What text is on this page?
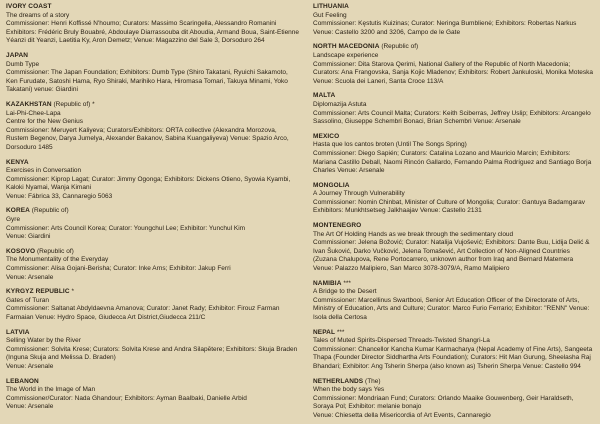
IVORY COAST
The dreams of a story
Commissioner: Henri Koffissé N'houmo; Curators: Massimo Scaringella, Alessandro Romanini Exhibitors: Frédéric Bruly Bouabré, Abdoulaye Diarrassouba dit Aboudia, Armand Boua, Saint-Etienne Yéanzi dit Yeanzi, Laetitia Ky, Aron Demetz; Venue: Magazzino del Sale 3, Dorsoduro 264
JAPAN
Dumb Type
Commissioner: The Japan Foundation; Exhibitors: Dumb Type (Shiro Takatani, Ryuichi Sakamoto, Ken Furudate, Satoshi Hama, Ryo Shiraki, Marihiko Hara, Hiromasa Tomari, Takuya Minami, Yoko Takatani) venue: Giardini
KAZAKHSTAN (Republic of) *
Lai-Phi-Chee-Lapa
Centre for the New Genius
Commissioner: Meruyert Kaliyeva; Curators/Exhibitors: ORTA collective (Alexandra Morozova, Rustem Begenov, Darya Jumelya, Alexander Bakanov, Sabina Kuangaliyeva) Venue: Spazio Arco, Dorsoduro 1485
KENYA
Exercises in Conversation
Commissioner: Kiprop Lagat; Curator: Jimmy Ogonga; Exhibitors: Dickens Otieno, Syowia Kyambi, Kaloki Nyamai, Wanja Kimani
Venue: Fábrica 33, Cannaregio 5063
KOREA (Republic of)
Gyre
Commissioner: Arts Council Korea; Curator: Youngchul Lee; Exhibitor: Yunchul Kim
Venue: Giardini
KOSOVO (Republic of)
The Monumentality of the Everyday
Commissioner: Alisa Gojani-Berisha; Curator: Inke Arns; Exhibitor: Jakup Ferri
Venue: Arsenale
KYRGYZ REPUBLIC *
Gates of Turan
Commissioner: Saltanat Abdyldaevna Amanova; Curator: Janet Rady; Exhibitor: Firouz Farman Farmaian Venue: Hydro Space, Giudecca Art District,Giudecca 211/C
LATVIA
Selling Water by the River
Commissioner: Solvita Krese; Curators: Solvita Krese and Andra Silapētere; Exhibitors: Skuja Braden (Inguna Skuja and Melissa D. Braden)
Venue: Arsenale
LEBANON
The World in the Image of Man
Commissioner/Curator: Nada Ghandour; Exhibitors: Ayman Baalbaki, Danielle Arbid
Venue: Arsenale
LITHUANIA
Gut Feeling
Commissioner: Kęstutis Kuizinas; Curator: Neringa Bumblienė; Exhibitors: Robertas Narkus Venue: Castello 3200 and 3206, Campo de le Gate
NORTH MACEDONIA (Republic of)
Landscape experience
Commissioner: Dita Starova Qerimi, National Gallery of the Republic of North Macedonia; Curators: Ana Frangovska, Sanja Kojic Mladenov; Exhibitors: Robert Jankuloski, Monika Moteska Venue: Scuola dei Laneri, Santa Croce 113/A
MALTA
Diplomazija Astuta
Commissioner: Arts Council Malta; Curators: Keith Sciberras, Jeffrey Uslip; Exhibitors: Arcangelo Sassolino, Giuseppe Schembri Bonaci, Brian Schembri Venue: Arsenale
MEXICO
Hasta que los cantos broten (Until The Songs Spring)
Commissioner: Diego Sapién; Curators: Catalina Lozano and Mauricio Marcin; Exhibitors: Mariana Castillo Deball, Naomi Rincón Gallardo, Fernando Palma Rodríguez and Santiago Borja Charles Venue: Arsenale
MONGOLIA
A Journey Through Vulnerability
Commissioner: Nomin Chinbat, Minister of Culture of Mongolia; Curator: Gantuya Badamgarav Exhibitors: Munkhtsetseg Jalkhaajav Venue: Castello 2131
MONTENEGRO
The Art Of Holding Hands as we break through the sedimentary cloud
Commissioner: Jelena Božović; Curator: Natalija Vujošević; Exhibitors: Dante Buu, Lidija Delić & Ivan Šuković, Darko Vučković, Jelena Tomašević, Art Collection of Non-Aligned Countries (Zuzana Chalupova, Rene Portocarrero, unknown author from Iraq and Bernard Matemera Venue: Palazzo Malipiero, San Marco 3078-3079/A, Ramo Malipiero
NAMIBIA ***
A Bridge to the Desert
Commissioner: Marcellinus Swartbooi, Senior Art Education Officer of the Directorate of Arts, Ministry of Education, Arts and Culture; Curator: Marco Furio Ferrario; Exhibitor: "RENN" Venue: Isola della Certosa
NEPAL ***
Tales of Muted Spirits-Dispersed Threads-Twisted Shangri-La
Commissioner: Chancellor Kancha Kumar Karmacharya (Nepal Academy of Fine Arts), Sangeeta Thapa (Founder Director Siddhartha Arts Foundation); Curators: Hit Man Gurung, Sheelasha Raj Bhandari; Exhibitor: Ang Tsherin Sherpa (also known as) Tsherin Sherpa Venue: Castello 994
NETHERLANDS (The)
When the body says Yes
Commissioner: Mondriaan Fund; Curators: Orlando Maaike Gouwenberg, Geir Haraldseth, Soraya Pol; Exhibitor: melanie bonajo
Venue: Chiesetta della Misericordia of Art Events, Cannaregio
